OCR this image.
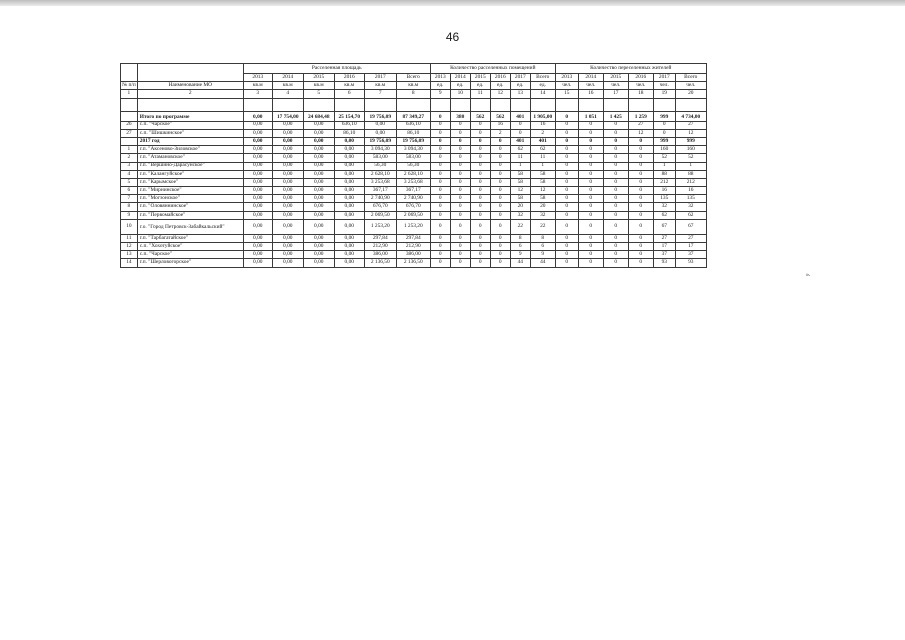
46
		Расселенная площадь						Количество расселенных помещений						Количество переселенных жителей					
		2013	2014	2015	2016	2017	Всего	2013	2014	2015	2016	2017	Всего	2013	2014	2015	2016	2017	Всего
№ п/п	Наименование МО	кв.м	кв.м	кв.м	кв.м	кв.м	кв.м	ед.	ед.	ед.	ед.	ед.	ед.	чел.	чел.	чел.	чел.	чел.	чел.
1	2	3	4	5	6	7	8	9	10	11	12	13	14	15	16	17	18	19	20

	Итого по программе	0,00	17 754,00	24 684,48	25 154,70	19 756,09	87 349,27	0	380	562	562	401	1 905,00	0	1 051	1 425	1 259	999	4 734,00
26	с.п. "Чарское"	0,00	0,00	0,00	636,10	0,00	636,10	0	0	0	16	0	16	0	0	0	27	0	27
27	с.п. "Шишкинское"	0,00	0,00	0,00	86,10	0,00	86,10	0	0	0	2	0	2	0	0	0	12	0	12
	2017 год	0,00	0,00	0,00	0,00	19 756,09	19 756,09	0	0	0	0	401	401	0	0	0	0	999	999
1	г.п. "Аксеново-Зиловское"	0,00	0,00	0,00	0,00	3 094,30	3 094,30	0	0	0	0	62	62	0	0	0	0	160	160
2	г.п. "Атамановское"	0,00	0,00	0,00	0,00	583,00	583,00	0	0	0	0	11	11	0	0	0	0	52	52
3	г.п. "Вершино-Дарасунское"	0,00	0,00	0,00	0,00	56,30	56,30	0	0	0	0	1	1	0	0	0	0	1	1
4	г.п. "Калангуйское"	0,00	0,00	0,00	0,00	2 628,10	2 628,10	0	0	0	0	58	58	0	0	0	0	88	88
5	г.п. "Карымское"	0,00	0,00	0,00	0,00	3 253,68	3 253,68	0	0	0	0	58	58	0	0	0	0	212	212
6	г.п. "Мирнинское"	0,00	0,00	0,00	0,00	367,17	367,17	0	0	0	0	12	12	0	0	0	0	16	16
7	г.п. "Могзонское"	0,00	0,00	0,00	0,00	2 740,90	2 740,90	0	0	0	0	58	58	0	0	0	0	135	135
8	г.п. "Оловяннинское"	0,00	0,00	0,00	0,00	676,70	676,70	0	0	0	0	20	20	0	0	0	0	32	32
9	г.п. "Первомайское"	0,00	0,00	0,00	0,00	2 069,50	2 069,50	0	0	0	0	32	32	0	0	0	0	62	62
10	г.о. "Город Петровск-Забайкальский"	0,00	0,00	0,00	0,00	1 253,20	1 253,20	0	0	0	0	22	22	0	0	0	0	67	67
11	г.п. "Тарбагатайское"	0,00	0,00	0,00	0,00	297,84	297,84	0	0	0	0	8	8	0	0	0	0	27	27
12	с.п. "Хохотуйское"	0,00	0,00	0,00	0,00	212,90	212,90	0	0	0	0	6	6	0	0	0	0	17	17
13	с.п. "Чарское"	0,00	0,00	0,00	0,00	386,00	386,00	0	0	0	0	9	9	0	0	0	0	37	37
14	г.п. "Шерловогорское"	0,00	0,00	0,00	0,00	2 136,50	2 136,50	0	0	0	0	44	44	0	0	0	0	93	93
».
